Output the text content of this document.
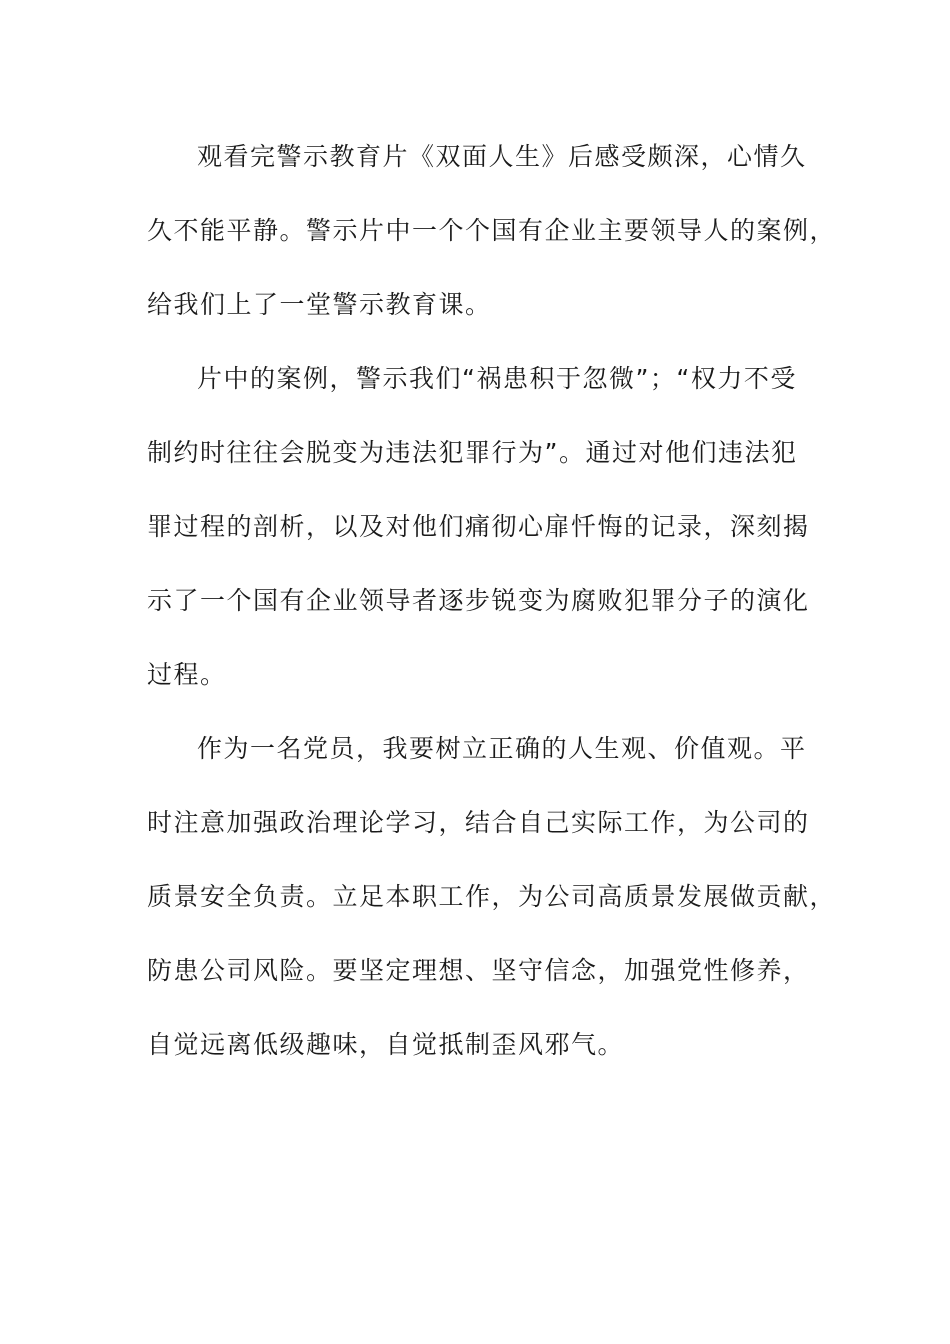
观看完警示教育片《双面人生》后感受颇深，心情久
久不能平静。警示片中一个个国有企业主要领导人的案例，
给我们上了一堂警示教育课。
片中的案例，警示我们“祸患积于忽微”；“权力不受
制约时往往会脱变为违法犯罪行为”。通过对他们违法犯
罪过程的剖析，以及对他们痛彻心扉忏悔的记录，深刻揭
示了一个国有企业领导者逐步锐变为腐败犯罪分子的演化
过程。
作为一名党员，我要树立正确的人生观、价值观。平
时注意加强政治理论学习，结合自己实际工作，为公司的
质景安全负责。立足本职工作，为公司高质景发展做贡献，
防患公司风险。要坚定理想、坚守信念，加强党性修养，
自觉远离低级趣味，自觉抵制歪风邪气。
